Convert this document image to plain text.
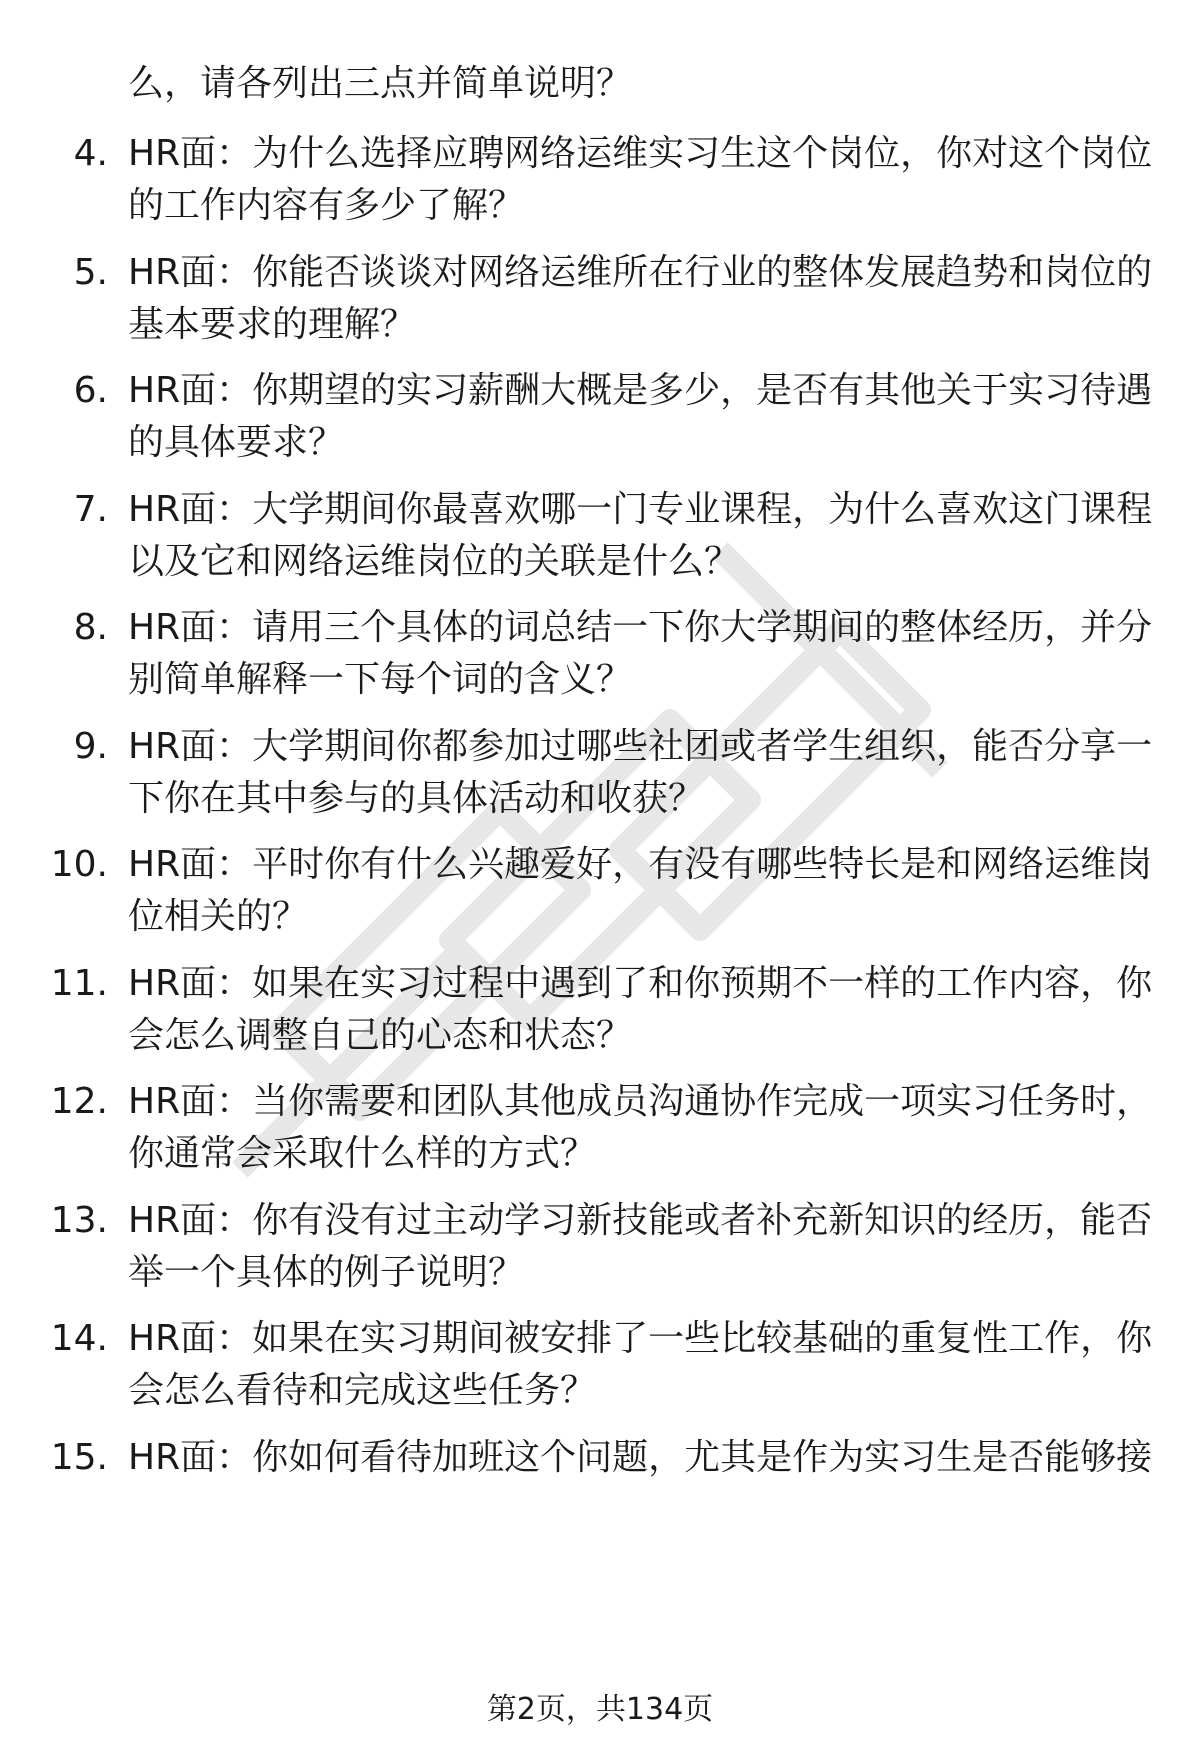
么，请各列出三点并简单说明？
4. HR面：为什么选择应聘网络运维实习生这个岗位，你对这个岗位
的工作内容有多少了解？
5. HR面：你能否谈谈对网络运维所在行业的整体发展趋势和岗位的
基本要求的理解？
6. HR面：你期望的实习薪酬大概是多少，是否有其他关于实习待遇
的具体要求？
7. HR面：大学期间你最喜欢哪一门专业课程，为什么喜欢这门课程
以及它和网络运维岗位的关联是什么？
8. HR面：请用三个具体的词总结一下你大学期间的整体经历，并分
别简单解释一下每个词的含义？
9. HR面：大学期间你都参加过哪些社团或者学生组织，能否分享一
下你在其中参与的具体活动和收获？
10. HR面：平时你有什么兴趣爱好，有没有哪些特长是和网络运维岗
位相关的？
11. HR面：如果在实习过程中遇到了和你预期不一样的工作内容，你
会怎么调整自己的心态和状态？
12. HR面：当你需要和团队其他成员沟通协作完成一项实习任务时，
你通常会采取什么样的方式？
13. HR面：你有没有过主动学习新技能或者补充新知识的经历，能否
举一个具体的例子说明？
14. HR面：如果在实习期间被安排了一些比较基础的重复性工作，你
会怎么看待和完成这些任务？
15. HR面：你如何看待加班这个问题，尤其是作为实习生是否能够接
第2页，共134页
